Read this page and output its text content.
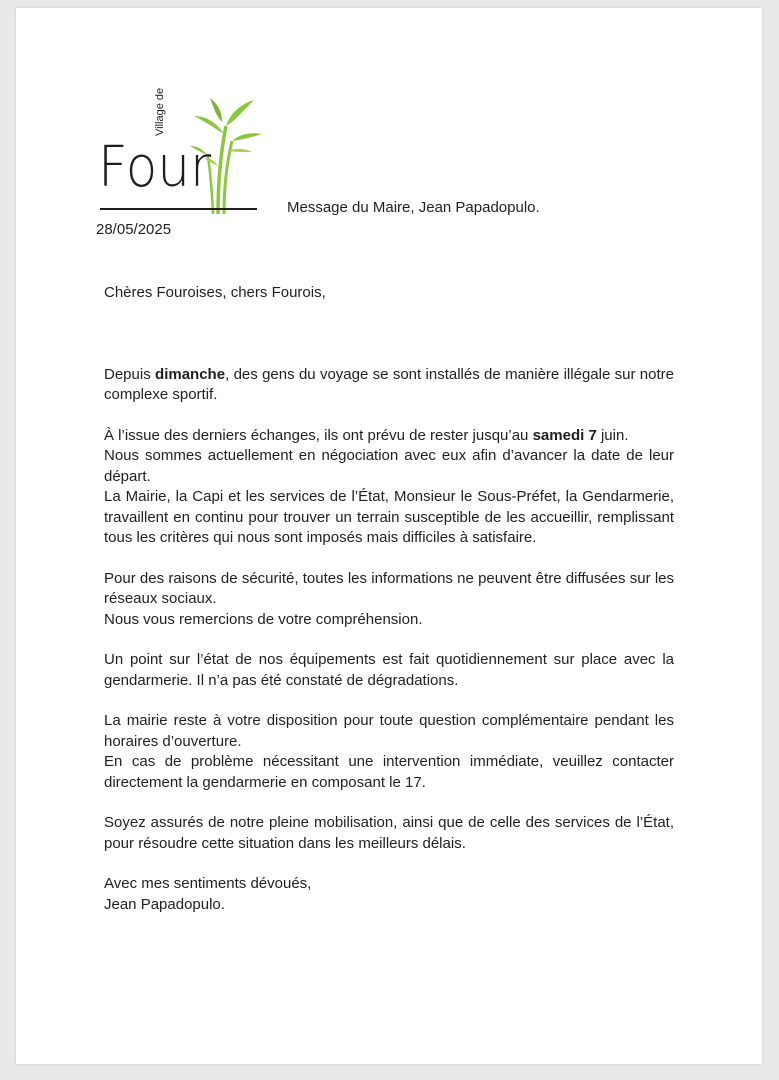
Four
Village de
Message du Maire, Jean Papadopulo.
28/05/2025

Chères Fouroises, chers Fourois,

Depuis dimanche, des gens du voyage se sont installés de manière illégale sur notre complexe sportif.

À l’issue des derniers échanges, ils ont prévu de rester jusqu’au samedi 7 juin.

Nous sommes actuellement en négociation avec eux afin d’avancer la date de leur départ.

La Mairie, la Capi et les services de l’État, Monsieur le Sous-Préfet, la Gendarmerie, travaillent en continu pour trouver un terrain susceptible de les accueillir, remplissant tous les critères qui nous sont imposés mais difficiles à satisfaire.

Pour des raisons de sécurité, toutes les informations ne peuvent être diffusées sur les réseaux sociaux.

Nous vous remercions de votre compréhension.

Un point sur l’état de nos équipements est fait quotidiennement sur place avec la gendarmerie. Il n’a pas été constaté de dégradations.

La mairie reste à votre disposition pour toute question complémentaire pendant les horaires d’ouverture.

En cas de problème nécessitant une intervention immédiate, veuillez contacter directement la gendarmerie en composant le 17.

Soyez assurés de notre pleine mobilisation, ainsi que de celle des services de l’État, pour résoudre cette situation dans les meilleurs délais.

Avec mes sentiments dévoués,

Jean Papadopulo.
